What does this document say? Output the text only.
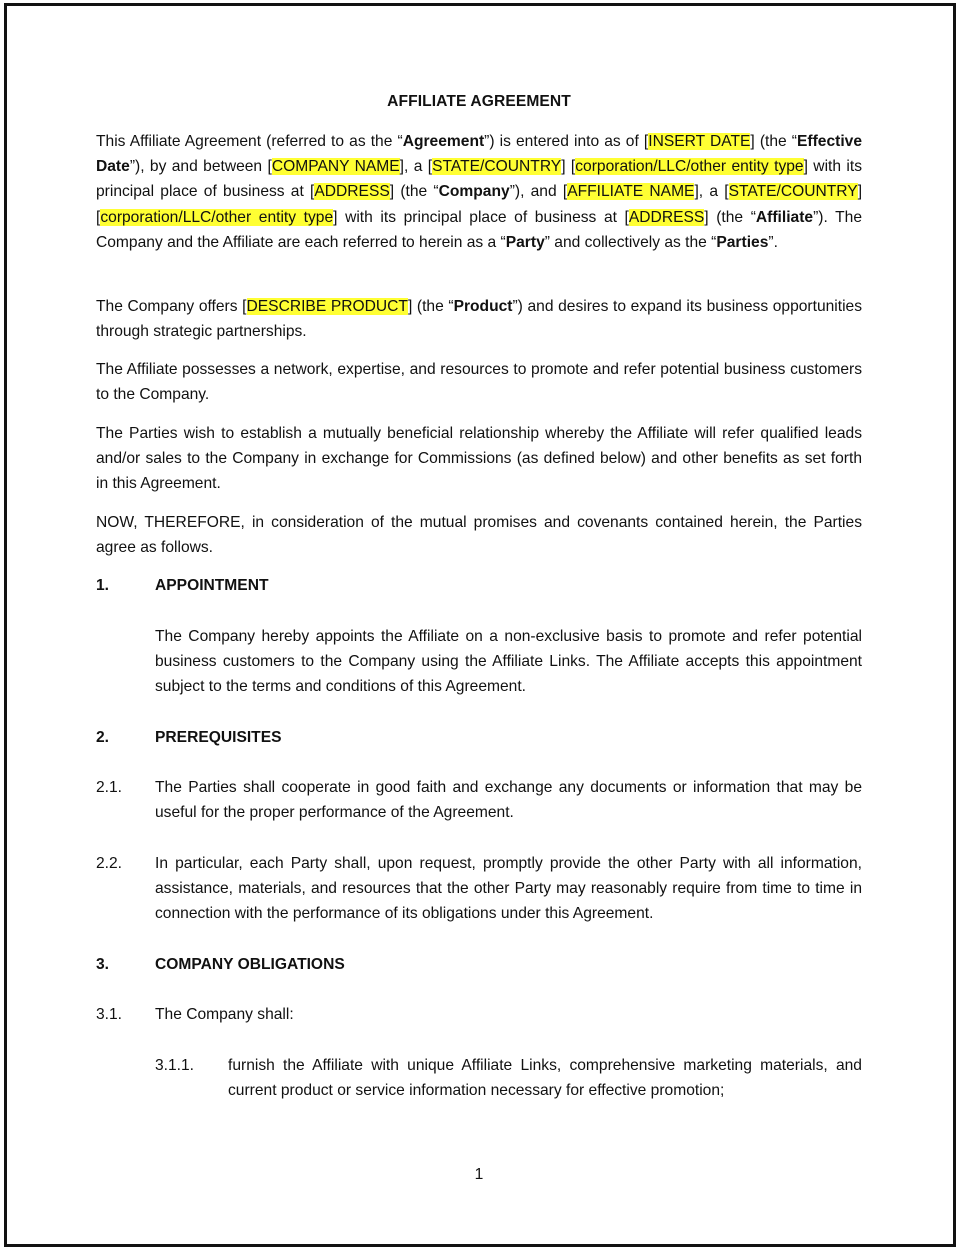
AFFILIATE AGREEMENT

This Affiliate Agreement (referred to as the “Agreement”) is entered into as of [INSERT DATE] (the “Effective Date”), by and between [COMPANY NAME], a [STATE/COUNTRY] [corporation/LLC/other entity type] with its principal place of business at [ADDRESS] (the “Company”), and [AFFILIATE NAME], a [STATE/COUNTRY] [corporation/LLC/other entity type] with its principal place of business at [ADDRESS] (the “Affiliate”). The Company and the Affiliate are each referred to herein as a “Party” and collectively as the “Parties”.

The Company offers [DESCRIBE PRODUCT] (the “Product”) and desires to expand its business opportunities through strategic partnerships.

The Affiliate possesses a network, expertise, and resources to promote and refer potential business customers to the Company.

The Parties wish to establish a mutually beneficial relationship whereby the Affiliate will refer qualified leads and/or sales to the Company in exchange for Commissions (as defined below) and other benefits as set forth in this Agreement.

NOW, THEREFORE, in consideration of the mutual promises and covenants contained herein, the Parties agree as follows.

1.	APPOINTMENT

The Company hereby appoints the Affiliate on a non-exclusive basis to promote and refer potential business customers to the Company using the Affiliate Links. The Affiliate accepts this appointment subject to the terms and conditions of this Agreement.

2.	PREREQUISITES
2.1. The Parties shall cooperate in good faith and exchange any documents or information that may be useful for the proper performance of the Agreement.

2.2. In particular, each Party shall, upon request, promptly provide the other Party with all information, assistance, materials, and resources that the other Party may reasonably require from time to time in connection with the performance of its obligations under this Agreement.

3.	COMPANY OBLIGATIONS
3.1. The Company shall:

3.1.1. furnish the Affiliate with unique Affiliate Links, comprehensive marketing materials, and current product or service information necessary for effective promotion;

1
